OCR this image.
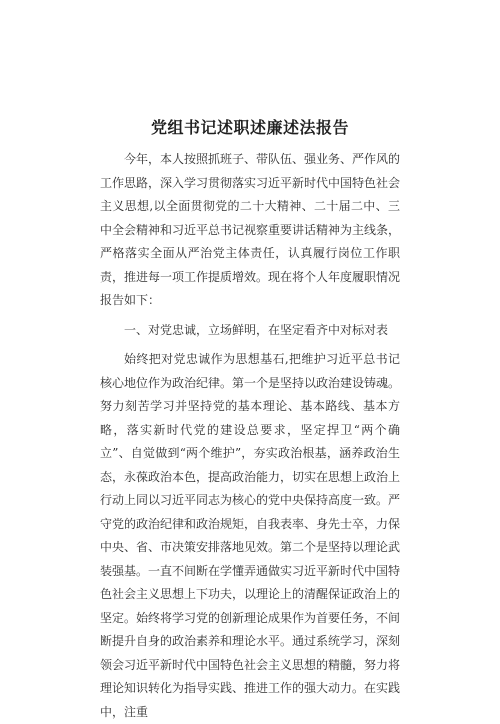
党组书记述职述廉述法报告

今年，本人按照抓班子、带队伍、强业务、严作风的工作思路，深入学习贯彻落实习近平新时代中国特色社会主义思想,以全面贯彻党的二十大精神、二十届二中、三中全会精神和习近平总书记视察重要讲话精神为主线条，严格落实全面从严治党主体责任，认真履行岗位工作职责，推进每一项工作提质增效。现在将个人年度履职情况报告如下：

一、对党忠诚，立场鲜明，在坚定看齐中对标对表

始终把对党忠诚作为思想基石,把维护习近平总书记核心地位作为政治纪律。第一个是坚持以政治建设铸魂。努力刻苦学习并坚持党的基本理论、基本路线、基本方略，落实新时代党的建设总要求，坚定捍卫“两个确立”、自觉做到“两个维护”，夯实政治根基，涵养政治生态，永葆政治本色，提高政治能力，切实在思想上政治上行动上同以习近平同志为核心的党中央保持高度一致。严守党的政治纪律和政治规矩，自我表率、身先士卒，力保中央、省、市决策安排落地见效。第二个是坚持以理论武装强基。一直不间断在学懂弄通做实习近平新时代中国特色社会主义思想上下功夫，以理论上的清醒保证政治上的坚定。始终将学习党的创新理论成果作为首要任务，不间断提升自身的政治素养和理论水平。通过系统学习，深刻领会习近平新时代中国特色社会主义思想的精髓，努力将理论知识转化为指导实践、推进工作的强大动力。在实践中，注重
